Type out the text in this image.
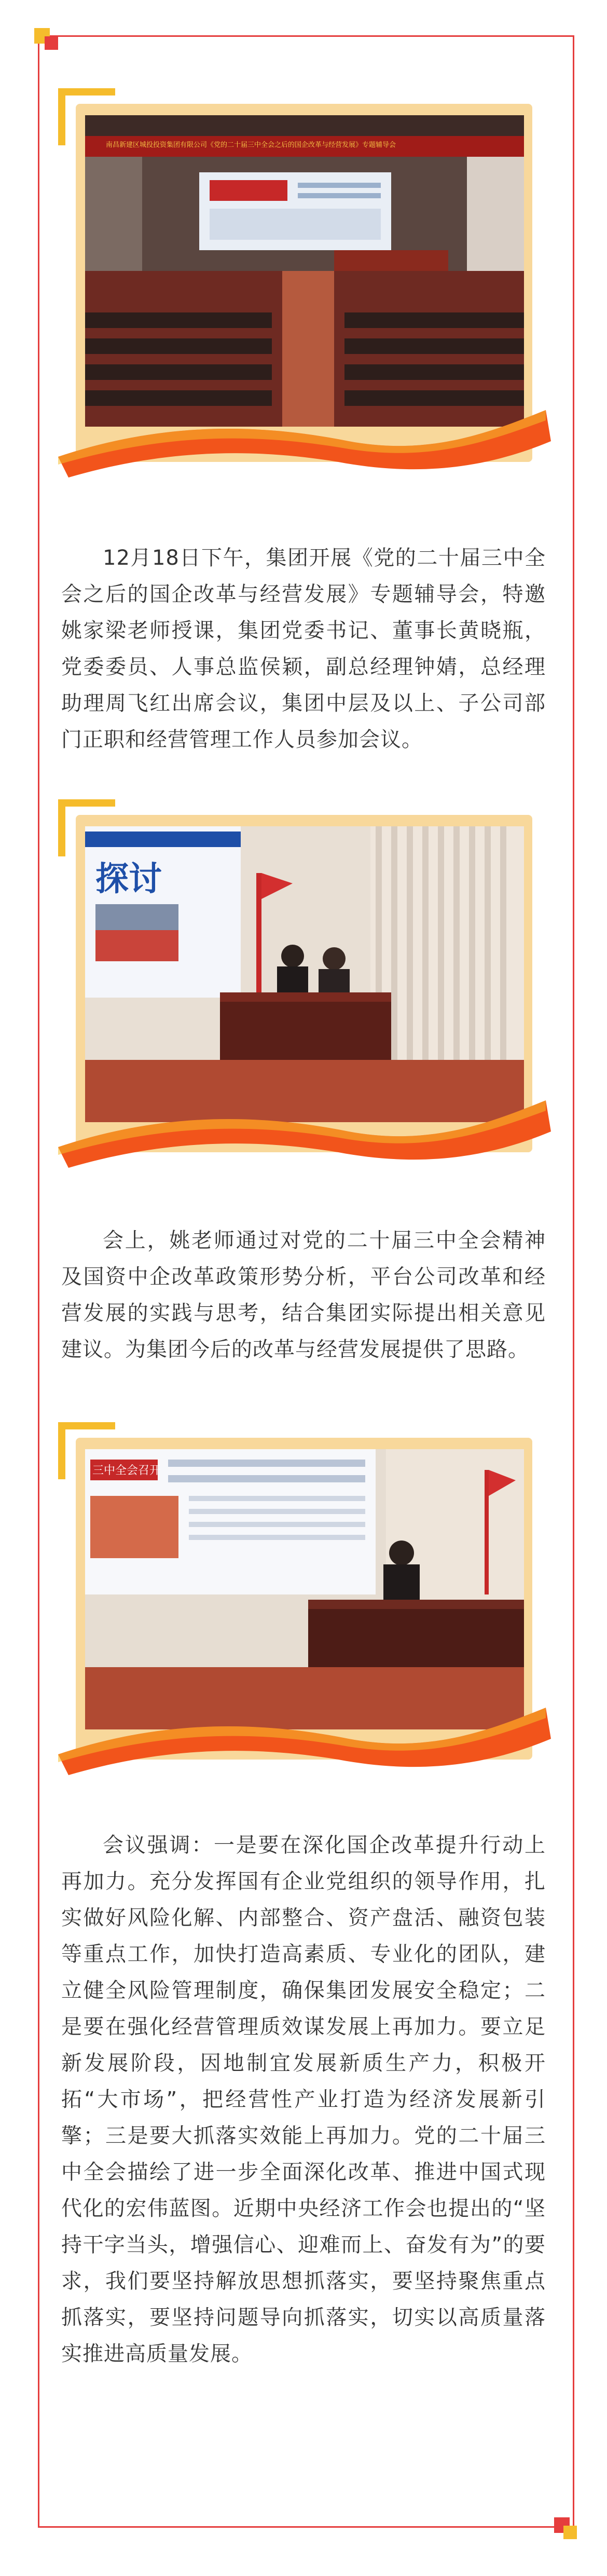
南昌新建区城投投资集团有限公司《党的二十届三中全会之后的国企改革与经营发展》专题辅导会
12月18日下午，集团开展《党的二十届三中全会之后的国企改革与经营发展》专题辅导会，特邀姚家梁老师授课，集团党委书记、董事长黄晓瓶，党委委员、人事总监侯颖，副总经理钟婧，总经理助理周飞红出席会议，集团中层及以上、子公司部门正职和经营管理工作人员参加会议。
探讨
会上，姚老师通过对党的二十届三中全会精神及国资中企改革政策形势分析，平台公司改革和经营发展的实践与思考，结合集团实际提出相关意见建议。为集团今后的改革与经营发展提供了思路。
三中全会召开
会议强调：一是要在深化国企改革提升行动上再加力。充分发挥国有企业党组织的领导作用，扎实做好风险化解、内部整合、资产盘活、融资包装等重点工作，加快打造高素质、专业化的团队，建立健全风险管理制度，确保集团发展安全稳定；二是要在强化经营管理质效谋发展上再加力。要立足新发展阶段，因地制宜发展新质生产力，积极开拓“大市场”，把经营性产业打造为经济发展新引擎；三是要大抓落实效能上再加力。党的二十届三中全会描绘了进一步全面深化改革、推进中国式现代化的宏伟蓝图。近期中央经济工作会也提出的“坚持干字当头，增强信心、迎难而上、奋发有为”的要求，我们要坚持解放思想抓落实，要坚持聚焦重点抓落实，要坚持问题导向抓落实，切实以高质量落实推进高质量发展。
